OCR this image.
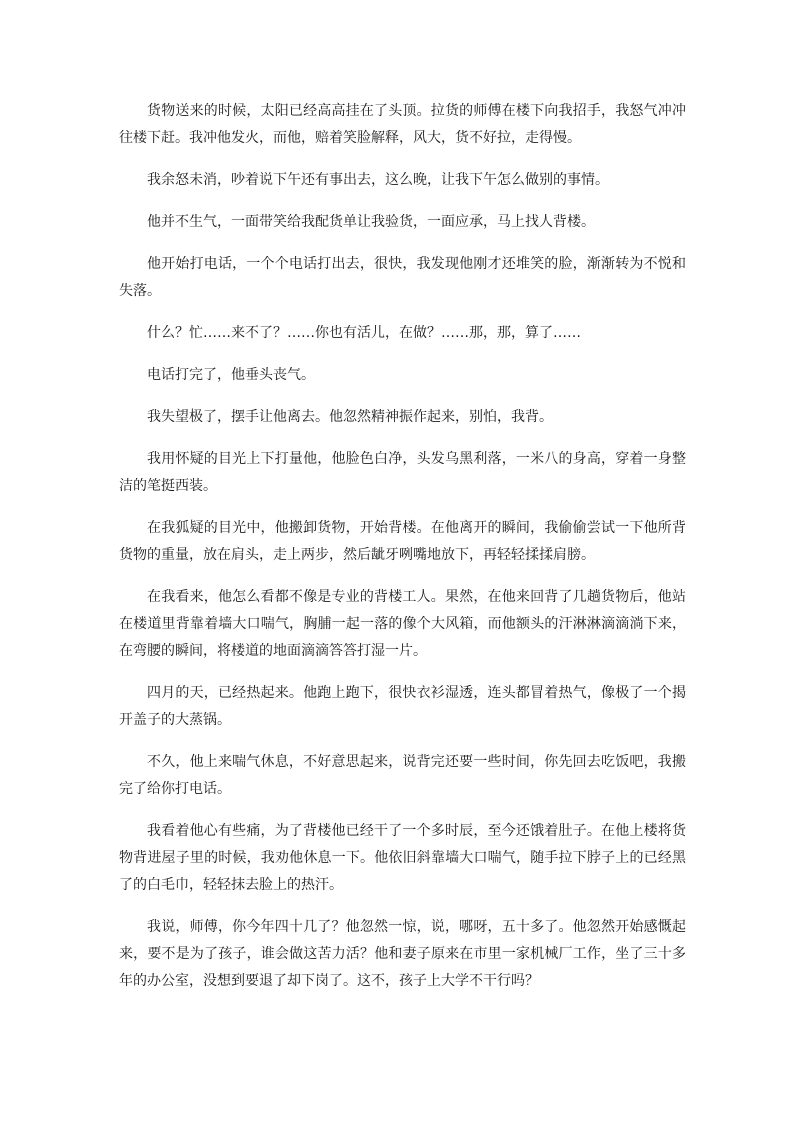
货物送来的时候，太阳已经高高挂在了头顶。拉货的师傅在楼下向我招手，我怒气冲冲往楼下赶。我冲他发火，而他，赔着笑脸解释，风大，货不好拉，走得慢。

我余怒未消，吵着说下午还有事出去，这么晚，让我下午怎么做别的事情。

他并不生气，一面带笑给我配货单让我验货，一面应承，马上找人背楼。

他开始打电话，一个个电话打出去，很快，我发现他刚才还堆笑的脸，渐渐转为不悦和失落。

什么？忙……来不了？……你也有活儿，在做？……那，那，算了……

电话打完了，他垂头丧气。

我失望极了，摆手让他离去。他忽然精神振作起来，别怕，我背。

我用怀疑的目光上下打量他，他脸色白净，头发乌黑利落，一米八的身高，穿着一身整洁的笔挺西装。

在我狐疑的目光中，他搬卸货物，开始背楼。在他离开的瞬间，我偷偷尝试一下他所背货物的重量，放在肩头，走上两步，然后龇牙咧嘴地放下，再轻轻揉揉肩膀。

在我看来，他怎么看都不像是专业的背楼工人。果然，在他来回背了几趟货物后，他站在楼道里背靠着墙大口喘气，胸脯一起一落的像个大风箱，而他额头的汗淋淋滴滴淌下来，在弯腰的瞬间，将楼道的地面滴滴答答打湿一片。

四月的天，已经热起来。他跑上跑下，很快衣衫湿透，连头都冒着热气，像极了一个揭开盖子的大蒸锅。

不久，他上来喘气休息，不好意思起来，说背完还要一些时间，你先回去吃饭吧，我搬完了给你打电话。

我看着他心有些痛，为了背楼他已经干了一个多时辰，至今还饿着肚子。在他上楼将货物背进屋子里的时候，我劝他休息一下。他依旧斜靠墙大口喘气，随手拉下脖子上的已经黑了的白毛巾，轻轻抹去脸上的热汗。

我说，师傅，你今年四十几了？他忽然一惊，说，哪呀，五十多了。他忽然开始感慨起来，要不是为了孩子，谁会做这苦力活？他和妻子原来在市里一家机械厂工作，坐了三十多年的办公室，没想到要退了却下岗了。这不，孩子上大学不干行吗？
